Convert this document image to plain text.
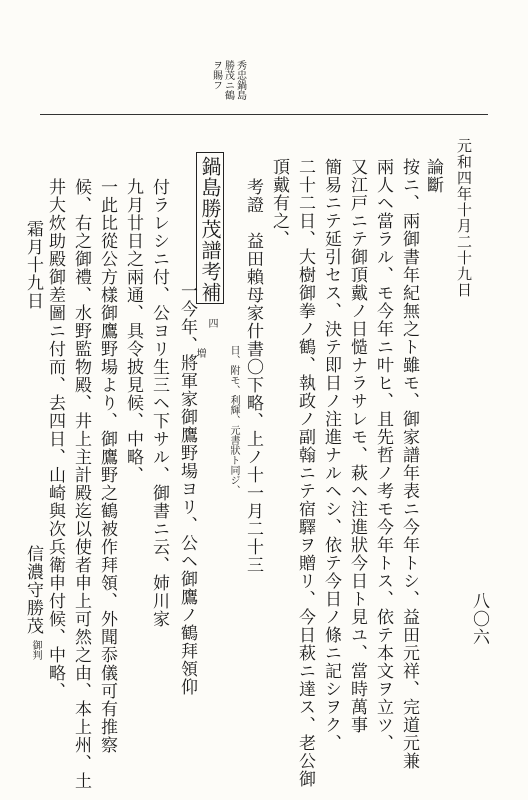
八〇六
秀忠鍋島
勝茂ニ鶴
ヲ賜フ
元和四年十月二十九日
論斷
按ニ、兩御書年紀無之ト雖モ、御家譜年表ニ今年トシ、益田元祥、完道元兼
兩人ヘ當ラル、モ今年ニ叶ヒ、且先哲ノ考モ今年トス、依テ本文ヲ立ツ、
又江戸ニテ御頂戴ノ日慥ナラサレモ、萩ヘ注進狀今日ト見ユ、當時萬事
簡易ニテ延引セス、決テ即日ノ注進ナルヘシ、依テ今日ノ條ニ記シヲク、
二十二日、大樹御拳ノ鶴、執政ノ副翰ニテ宿驛ヲ贈リ、今日萩ニ達ス、老公御
頂戴有之、
考證　益田賴母家什書〇下略、上ノ十一月二十三
日、附モ、利輝、元書狀ト同ジ、
鍋島勝茂譜考補
四
一今年、將軍家御鷹野場ヨリ、公ヘ御鷹ノ鶴拜領仰
増
付ラレシニ付、公ヨリ生三ヘ下サル、御書ニ云、姉川家
九月廿日之兩通、具令披見候、中略、
一此比從公方樣御鷹野場より、御鷹野之鶴被作拜領、外聞忝儀可有推察
候、右之御禮、水野監物殿、井上主計殿迄以使者申上可然之由、本上州、土
井大炊助殿御差圖ニ付而、去四日、山崎與次兵衛申付候、中略、
霜月十九日
信濃守勝茂
御判
